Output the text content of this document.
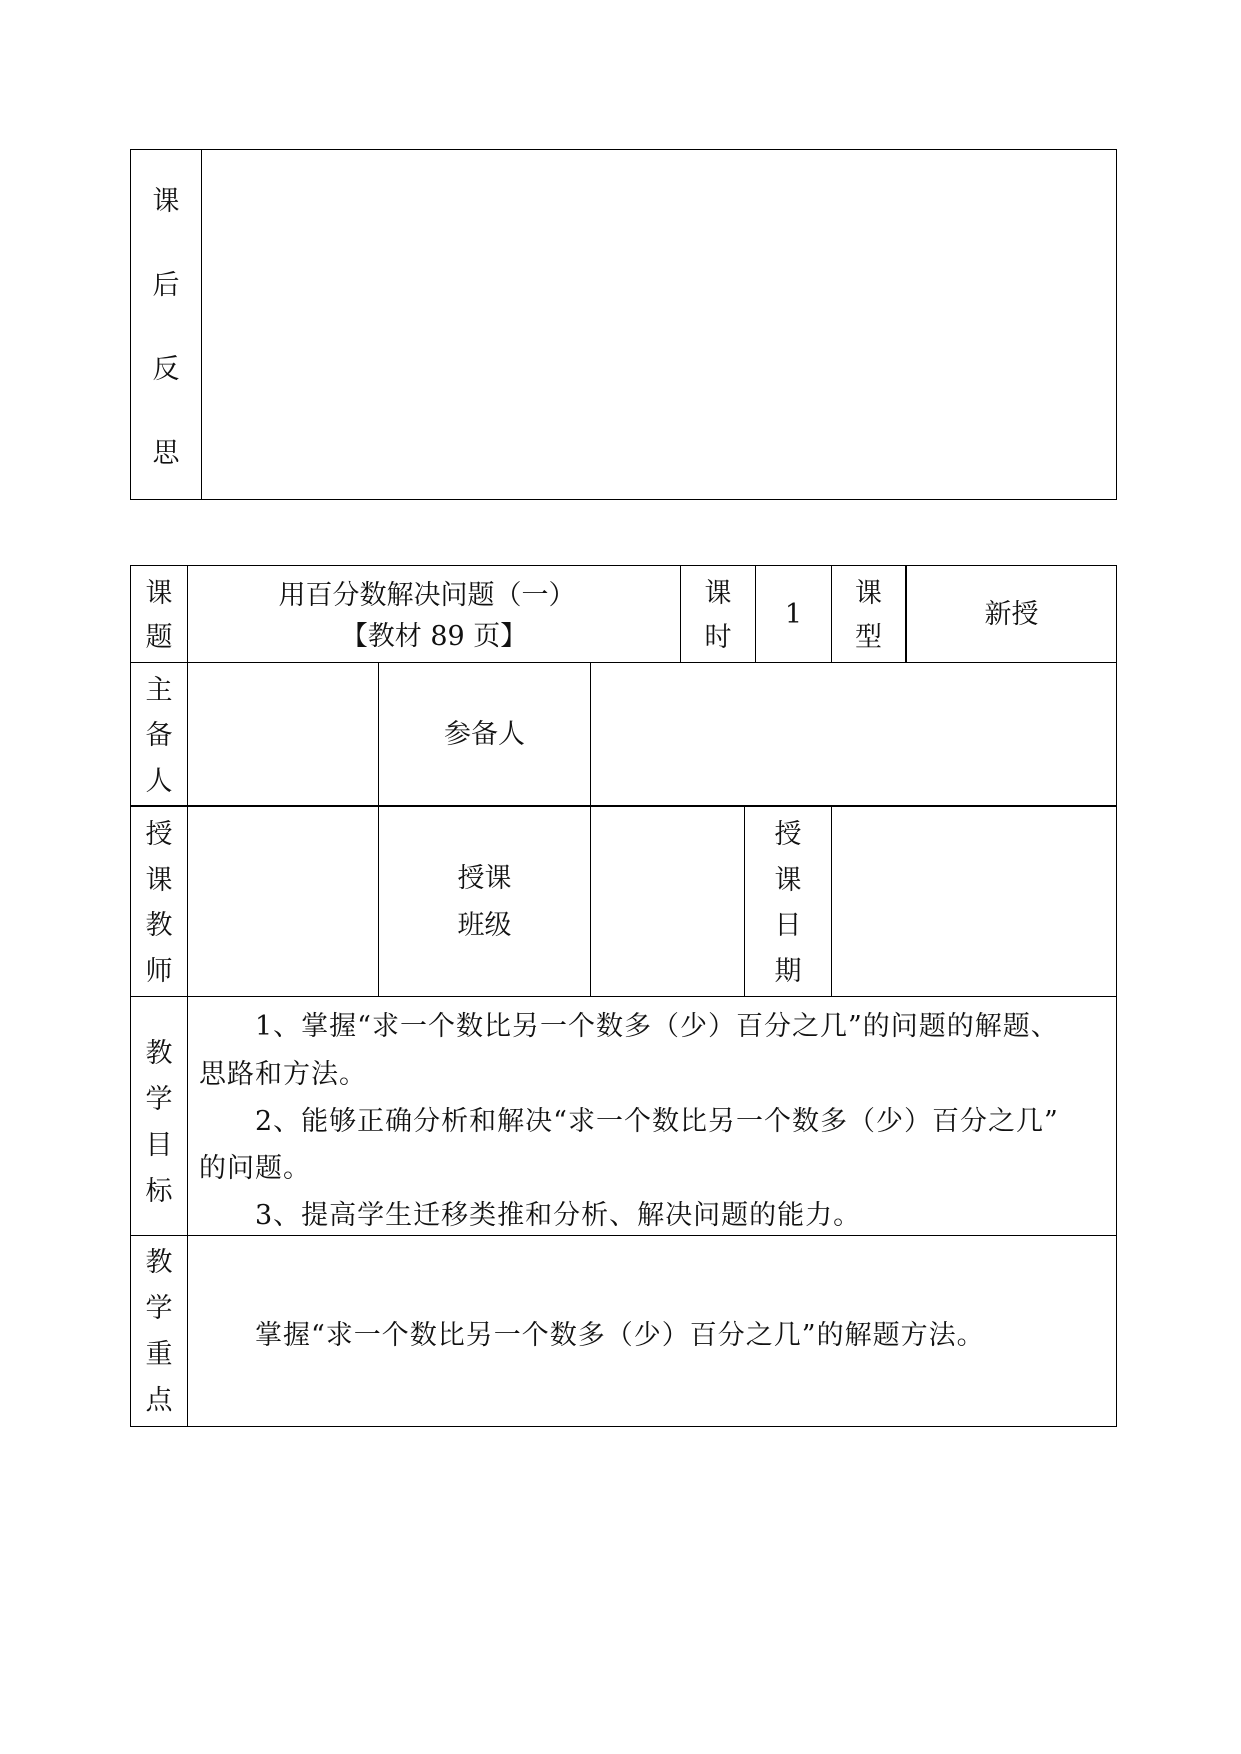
课
后
反
思
课
题
用百分数解决问题（一）
【教材 89 页】
课
时
1
课
型
新授
主
备
人
参备人
授
课
教
师
授课
班级
授
课
日
期
教
学
目
标
1、掌握“求一个数比另一个数多（少）百分之几”的问题的解题、
思路和方法。
2、能够正确分析和解决“求一个数比另一个数多（少）百分之几”
的问题。
3、提高学生迁移类推和分析、解决问题的能力。
教
学
重
点
掌握“求一个数比另一个数多（少）百分之几”的解题方法。
